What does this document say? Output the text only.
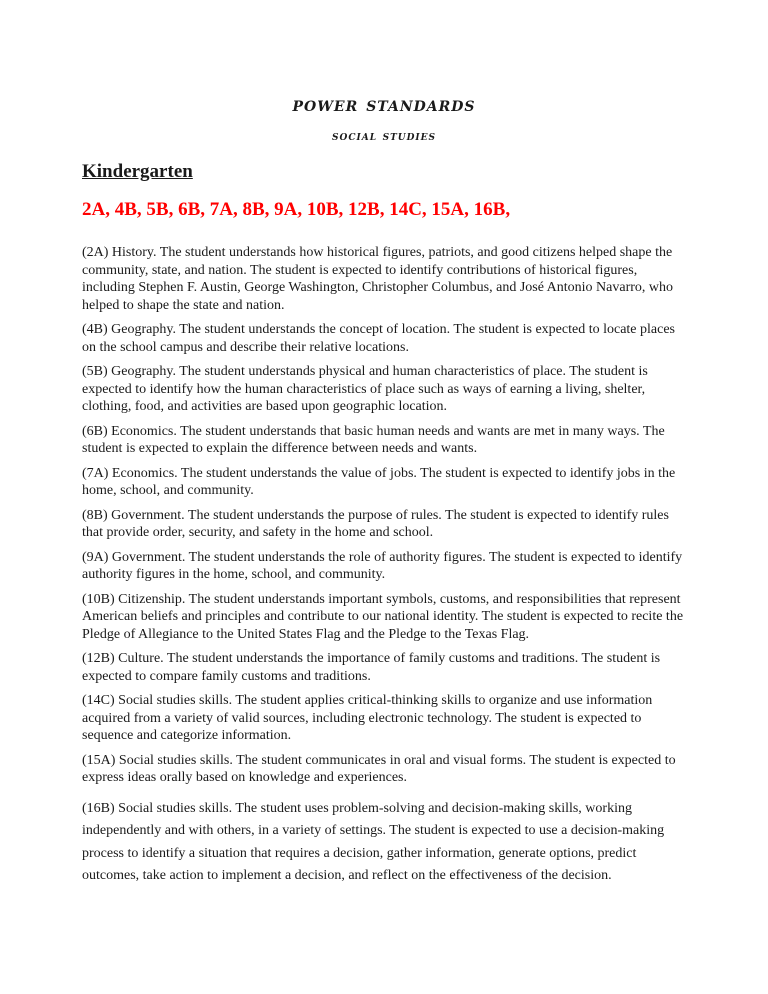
power standards
social studies
Kindergarten
2A, 4B, 5B, 6B, 7A, 8B, 9A, 10B, 12B, 14C, 15A, 16B,
(2A) History. The student understands how historical figures, patriots, and good citizens helped shape the community, state, and nation. The student is expected to identify contributions of historical figures, including Stephen F. Austin, George Washington, Christopher Columbus, and José Antonio Navarro, who helped to shape the state and nation.
(4B) Geography. The student understands the concept of location. The student is expected to locate places on the school campus and describe their relative locations.
(5B) Geography. The student understands physical and human characteristics of place. The student is expected to identify how the human characteristics of place such as ways of earning a living, shelter, clothing, food, and activities are based upon geographic location.
(6B) Economics. The student understands that basic human needs and wants are met in many ways. The student is expected to explain the difference between needs and wants.
(7A) Economics. The student understands the value of jobs. The student is expected to identify jobs in the home, school, and community.
(8B) Government. The student understands the purpose of rules. The student is expected to identify rules that provide order, security, and safety in the home and school.
(9A) Government. The student understands the role of authority figures. The student is expected to identify authority figures in the home, school, and community.
(10B) Citizenship. The student understands important symbols, customs, and responsibilities that represent American beliefs and principles and contribute to our national identity. The student is expected to recite the Pledge of Allegiance to the United States Flag and the Pledge to the Texas Flag.
(12B) Culture. The student understands the importance of family customs and traditions. The student is expected to compare family customs and traditions.
(14C) Social studies skills. The student applies critical-thinking skills to organize and use information acquired from a variety of valid sources, including electronic technology. The student is expected to sequence and categorize information.
(15A) Social studies skills. The student communicates in oral and visual forms. The student is expected to express ideas orally based on knowledge and experiences.
(16B) Social studies skills. The student uses problem-solving and decision-making skills, working independently and with others, in a variety of settings. The student is expected to use a decision-making process to identify a situation that requires a decision, gather information, generate options, predict outcomes, take action to implement a decision, and reflect on the effectiveness of the decision.
